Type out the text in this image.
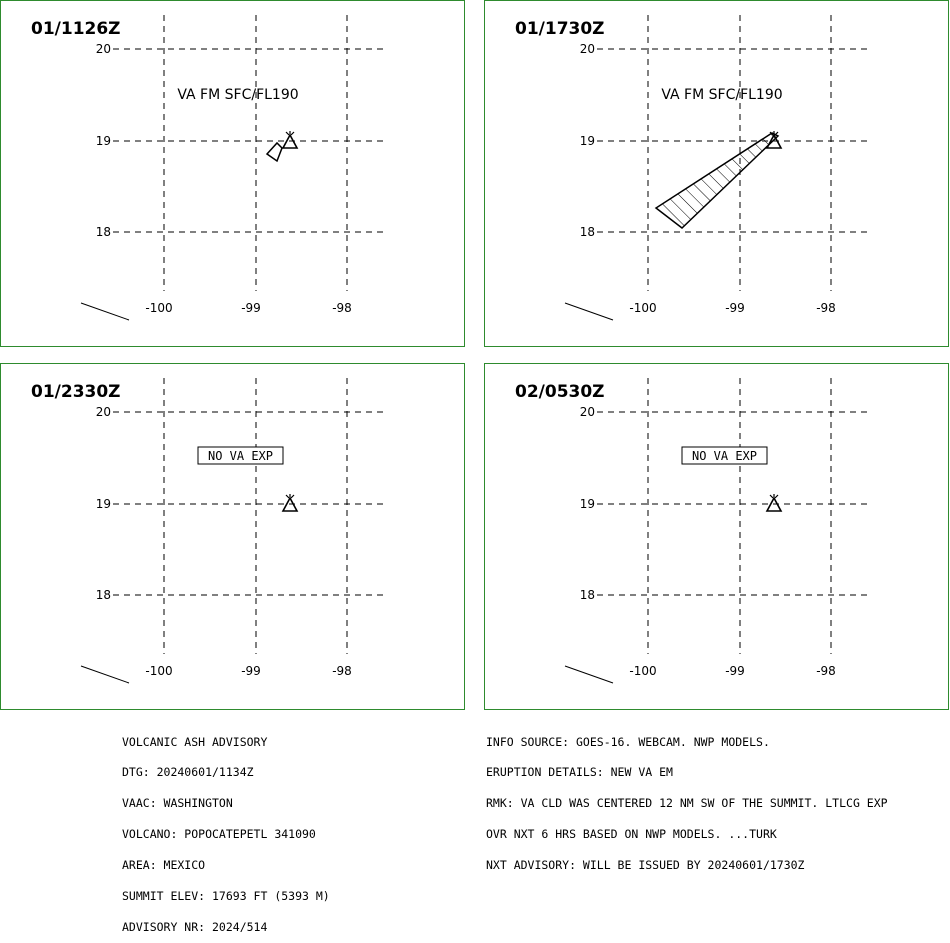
01/1126Z
20
19
18
-100	-99	-98
VA FM SFC/FL190
01/1730Z
20
19
18
-100	-99	-98
VA FM SFC/FL190
01/2330Z
20
19
18
-100	-99	-98
NO VA EXP
02/0530Z
20
19
18
-100	-99	-98
NO VA EXP

VOLCANIC ASH ADVISORY

DTG: 20240601/1134Z

VAAC: WASHINGTON

VOLCANO: POPOCATEPETL 341090

AREA: MEXICO

SUMMIT ELEV: 17693 FT (5393 M)

ADVISORY NR: 2024/514

INFO SOURCE: GOES-16. WEBCAM. NWP MODELS.

ERUPTION DETAILS: NEW VA EM

RMK: VA CLD WAS CENTERED 12 NM SW OF THE SUMMIT. LTLCG EXP

OVR NXT 6 HRS BASED ON NWP MODELS. ...TURK

NXT ADVISORY: WILL BE ISSUED BY 20240601/1730Z
